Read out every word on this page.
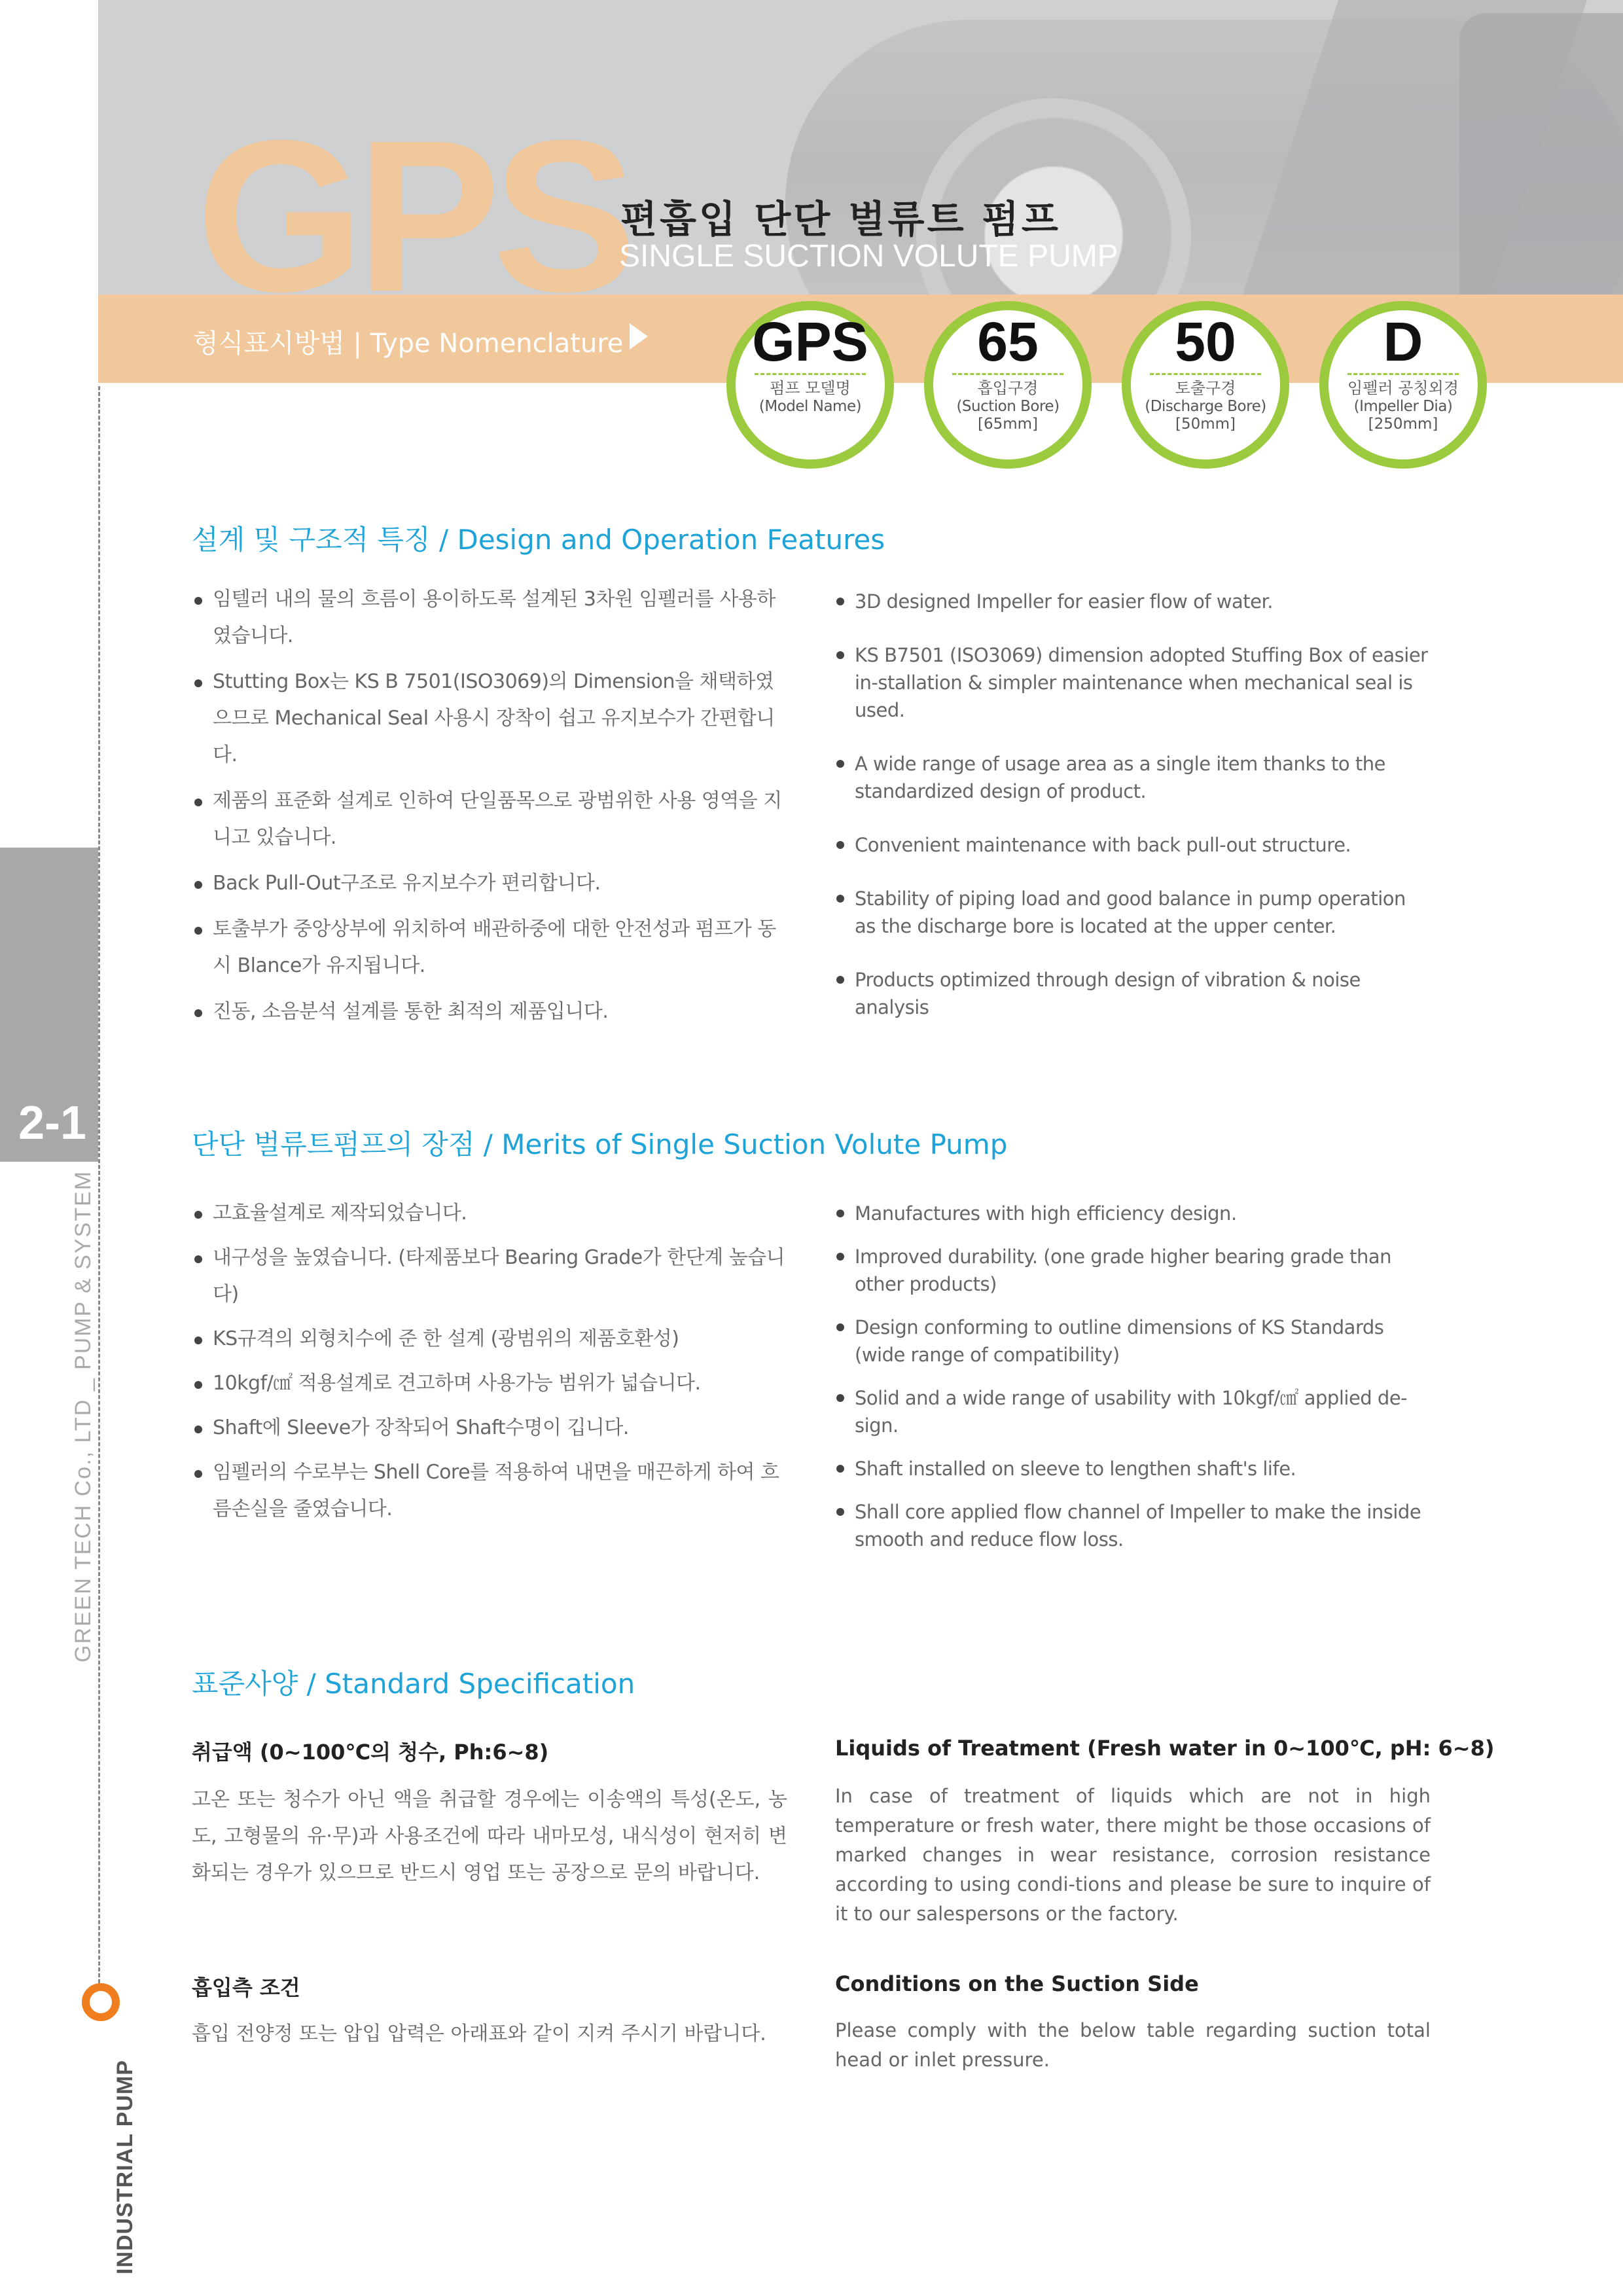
GPS
편흡입 단단 벌류트 펌프
SINGLE SUCTION VOLUTE PUMP
형식표시방법 | Type Nomenclature	GPS
펌프 모델명
(Model Name)
65
흡입구경
(Suction Bore)
[65mm]
50
토출구경
(Discharge Bore)
[50mm]
D
임펠러 공칭외경
(Impeller Dia)
[250mm]
2-1
GREEN TECH Co., LTD _ PUMP & SYSTEM
INDUSTRIAL PUMP
설계 및 구조적 특징 / Design and Operation Features
임텔러 내의 물의 흐름이 용이하도록 설계된 3차원 임펠러를 사용하였습니다.
Stutting Box는 KS B 7501(ISO3069)의 Dimension을 채택하였으므로 Mechanical Seal 사용시 장착이 쉽고 유지보수가 간편합니다.
제품의 표준화 설계로 인하여 단일품목으로 광범위한 사용 영역을 지니고 있습니다.
Back Pull-Out구조로 유지보수가 편리합니다.
토출부가 중앙상부에 위치하여 배관하중에 대한 안전성과 펌프가 동시 Blance가 유지됩니다.
진동, 소음분석 설계를 통한 최적의 제품입니다.
3D designed Impeller for easier flow of water.
KS B7501 (ISO3069) dimension adopted Stuffing Box of easier in-stallation & simpler maintenance when mechanical seal is used.
A wide range of usage area as a single item thanks to the standardized design of product.
Convenient maintenance with back pull-out structure.
Stability of piping load and good balance in pump operation as the discharge bore is located at the upper center.
Products optimized through design of vibration & noise analysis
단단 벌류트펌프의 장점 / Merits of Single Suction Volute Pump
고효율설계로 제작되었습니다.
내구성을 높였습니다. (타제품보다 Bearing Grade가 한단계 높습니다)
KS규격의 외형치수에 준 한 설계 (광범위의 제품호환성)
10kgf/㎠ 적용설계로 견고하며 사용가능 범위가 넓습니다.
Shaft에 Sleeve가 장착되어 Shaft수명이 깁니다.
임펠러의 수로부는 Shell Core를 적용하여 내면을 매끈하게 하여 흐름손실을 줄였습니다.
Manufactures with high efficiency design.
Improved durability. (one grade higher bearing grade than other products)
Design conforming to outline dimensions of KS Standards (wide range of compatibility)
Solid and a wide range of usability with 10kgf/㎠ applied de-sign.
Shaft installed on sleeve to lengthen shaft's life.
Shall core applied flow channel of Impeller to make the inside smooth and reduce flow loss.
표준사양 / Standard Specification
취급액 (0~100℃의 청수, Ph:6~8)
고온 또는 청수가 아닌 액을 취급할 경우에는 이송액의 특성(온도, 농도, 고형물의 유·무)과 사용조건에 따라 내마모성, 내식성이 현저히 변화되는 경우가 있으므로 반드시 영업 또는 공장으로 문의 바랍니다.
Liquids of Treatment (Fresh water in 0~100℃, pH: 6~8)
In case of treatment of liquids which are not in high temperature or fresh water, there might be those occasions of marked changes in wear resistance, corrosion resistance according to using condi-tions and please be sure to inquire of it to our salespersons or the factory.
흡입측 조건
흡입 전양정 또는 압입 압력은 아래표와 같이 지켜 주시기 바랍니다.
Conditions on the Suction Side
Please comply with the below table regarding suction total head or inlet pressure.
